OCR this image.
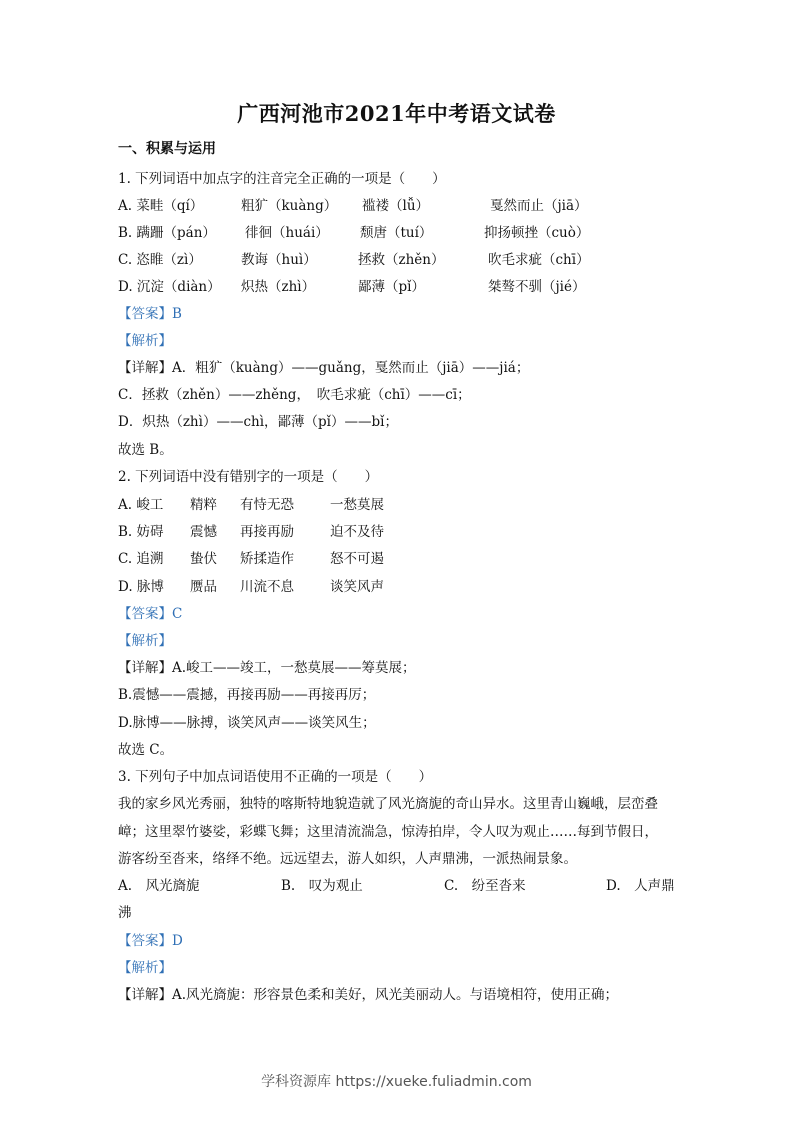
广西河池市2021年中考语文试卷
一、积累与运用
1. 下列词语中加点字的注音完全正确的一项是（　　）
A. 菜畦（qí）	粗犷（kuàng） 褴褛（lǚ）	戛然而止（jiā）
B. 蹒跚（pán） 徘徊（huái） 颓唐（tuí）	抑扬顿挫（cuò）
C. 恣睢（zì）	教诲（huì）	拯救（zhěn）	吹毛求疵（chī）
D. 沉淀（diàn） 炽热（zhì）	鄙薄（pǐ）	桀骜不驯（jié）
【答案】B
【解析】
【详解】A．粗犷（kuàng）——guǎng，戛然而止（jiā）——jiá；
C．拯救（zhěn）——zhěng，　吹毛求疵（chī）——cī；
D．炽热（zhì）——chì，鄙薄（pǐ）——bǐ；
故选 B。
2. 下列词语中没有错别字的一项是（　　）
A. 峻工 精粹 有恃无恐	一愁莫展
B. 妨碍 震憾 再接再励	迫不及待
C. 追溯 蛰伏 矫揉造作	怒不可遏
D. 脉博 赝品 川流不息	谈笑风声
【答案】C
【解析】
【详解】A.峻工——竣工，一愁莫展——筹莫展；
B.震憾——震撼，再接再励——再接再厉；
D.脉博——脉搏，谈笑风声——谈笑风生；
故选 C。
3. 下列句子中加点词语使用不正确的一项是（　　）
我的家乡风光秀丽，独特的喀斯特地貌造就了风光旖旎的奇山异水。这里青山巍峨，层峦叠
嶂；这里翠竹婆娑，彩蝶飞舞；这里清流湍急，惊涛拍岸，令人叹为观止……每到节假日，
游客纷至沓来，络绎不绝。远远望去，游人如织，人声鼎沸，一派热闹景象。
A.　风光旖旎	B.　叹为观止	C.　纷至沓来	D.　人声鼎
沸
【答案】D
【解析】
【详解】A.风光旖旎：形容景色柔和美好，风光美丽动人。与语境相符，使用正确；
学科资源库 https://xueke.fuliadmin.com
